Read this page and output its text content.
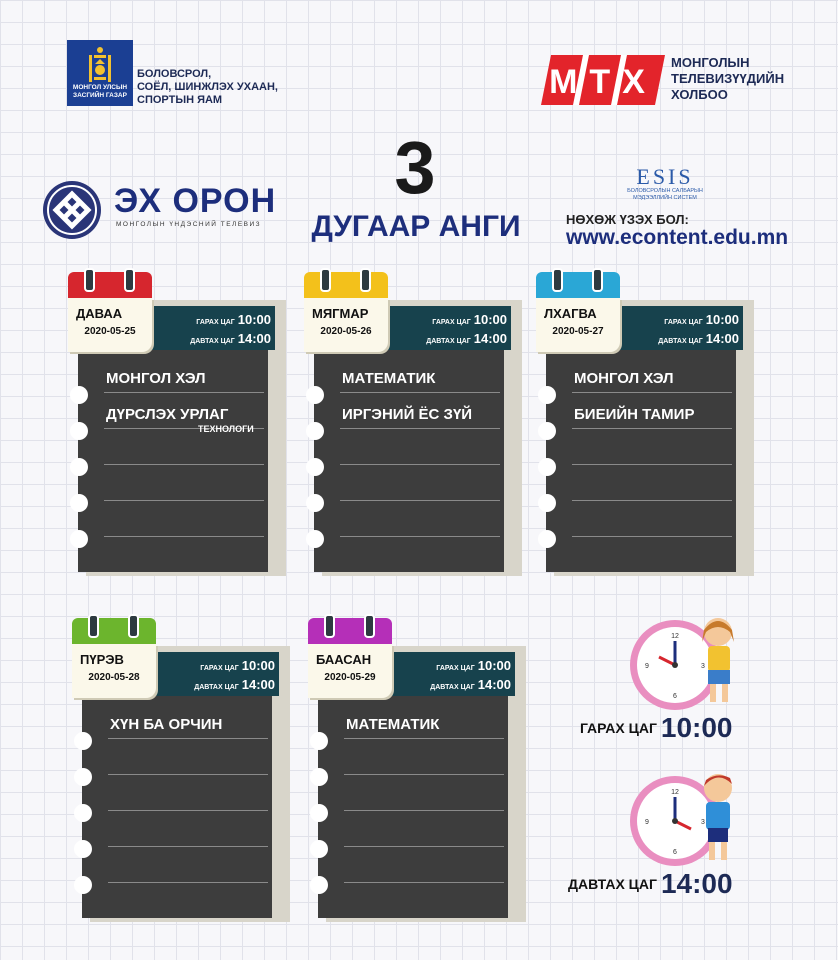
МОНГОЛ УЛСЫН
ЗАСГИЙН ГАЗАР
БОЛОВСРОЛ,
СОЁЛ, ШИНЖЛЭХ УХААН,
СПОРТЫН ЯАМ	МТХ
МОНГОЛЫН
ТЕЛЕВИЗҮҮДИЙН
ХОЛБОО
3
ДУГААР АНГИ
ЭХ ОРОН
МОНГОЛЫН ҮНДЭСНИЙ ТЕЛЕВИЗ
ESIS
БОЛОВСРОЛЫН САЛБАРЫН
МЭДЭЭЛЛИЙН СИСТЕМ
НӨХӨЖ ҮЗЭХ БОЛ:
www.econtent.edu.mn
МОНГОЛ ХЭЛ
ДҮРСЛЭХ УРЛАГ
ТЕХНОЛОГИ
ГАРАХ ЦАГ 10:00
ДАВТАХ ЦАГ 14:00
ДАВАА
2020-05-25
МАТЕМАТИК
ИРГЭНИЙ ЁС ЗҮЙ
ГАРАХ ЦАГ 10:00
ДАВТАХ ЦАГ 14:00
МЯГМАР
2020-05-26
МОНГОЛ ХЭЛ
БИЕИЙН ТАМИР
ГАРАХ ЦАГ 10:00
ДАВТАХ ЦАГ 14:00
ЛХАГВА
2020-05-27
ХҮН БА ОРЧИН
ГАРАХ ЦАГ 10:00
ДАВТАХ ЦАГ 14:00
ПҮРЭВ
2020-05-28
МАТЕМАТИК
ГАРАХ ЦАГ 10:00
ДАВТАХ ЦАГ 14:00
БААСАН
2020-05-29
12
3
6
9
ГАРАХ ЦАГ 10:00
12
3
6
9
ДАВТАХ ЦАГ 14:00
